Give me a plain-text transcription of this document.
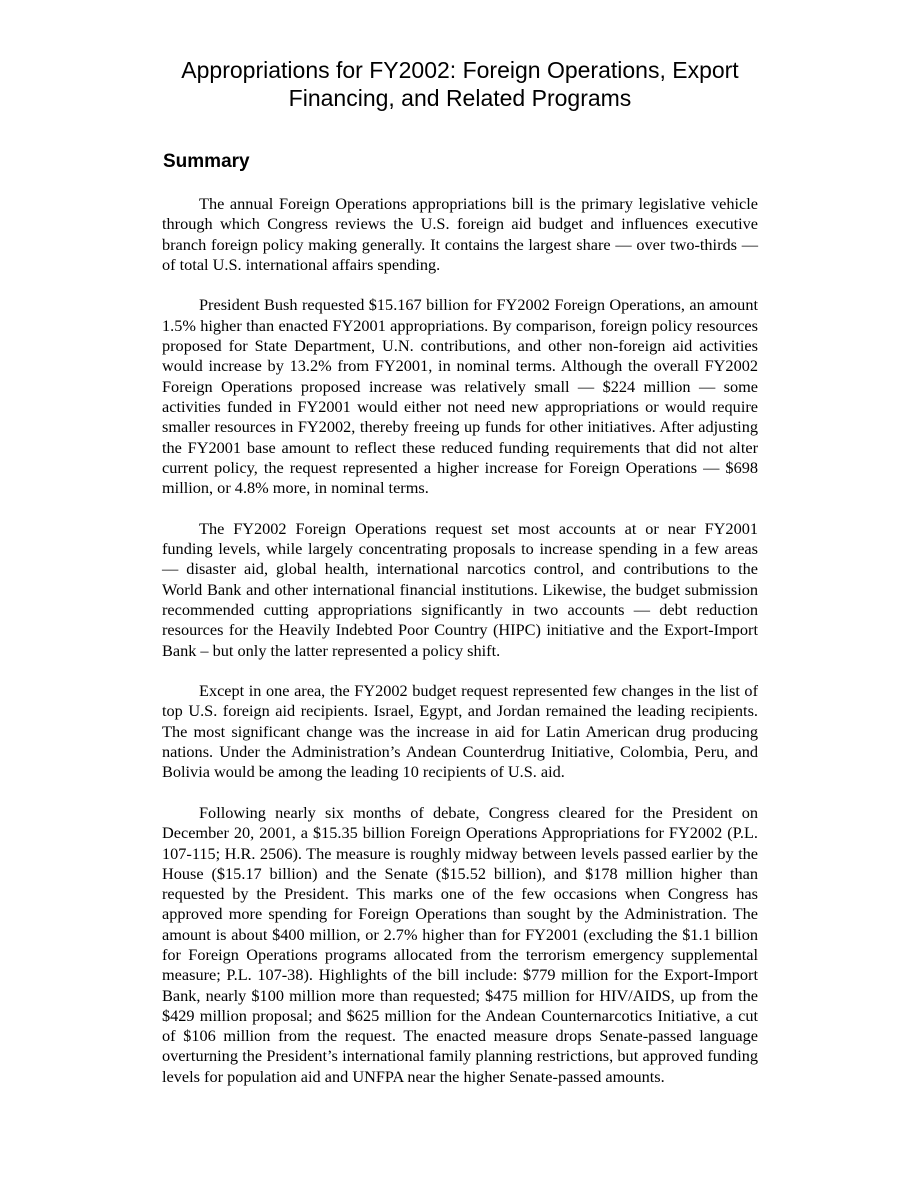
Appropriations for FY2002: Foreign Operations, Export
Financing, and Related Programs
Summary

The annual Foreign Operations appropriations bill is the primary legislative vehicle through which Congress reviews the U.S. foreign aid budget and influences executive branch foreign policy making generally. It contains the largest share — over two-thirds — of total U.S. international affairs spending.

President Bush requested $15.167 billion for FY2002 Foreign Operations, an amount 1.5% higher than enacted FY2001 appropriations. By comparison, foreign policy resources proposed for State Department, U.N. contributions, and other non-foreign aid activities would increase by 13.2% from FY2001, in nominal terms. Although the overall FY2002 Foreign Operations proposed increase was relatively small — $224 million — some activities funded in FY2001 would either not need new appropriations or would require smaller resources in FY2002, thereby freeing up funds for other initiatives. After adjusting the FY2001 base amount to reflect these reduced funding requirements that did not alter current policy, the request represented a higher increase for Foreign Operations — $698 million, or 4.8% more, in nominal terms.

The FY2002 Foreign Operations request set most accounts at or near FY2001 funding levels, while largely concentrating proposals to increase spending in a few areas — disaster aid, global health, international narcotics control, and contributions to the World Bank and other international financial institutions. Likewise, the budget submission recommended cutting appropriations significantly in two accounts — debt reduction resources for the Heavily Indebted Poor Country (HIPC) initiative and the Export-Import Bank – but only the latter represented a policy shift.

Except in one area, the FY2002 budget request represented few changes in the list of top U.S. foreign aid recipients. Israel, Egypt, and Jordan remained the leading recipients. The most significant change was the increase in aid for Latin American drug producing nations. Under the Administration’s Andean Counterdrug Initiative, Colombia, Peru, and Bolivia would be among the leading 10 recipients of U.S. aid.

Following nearly six months of debate, Congress cleared for the President on December 20, 2001, a $15.35 billion Foreign Operations Appropriations for FY2002 (P.L. 107-115; H.R. 2506). The measure is roughly midway between levels passed earlier by the House ($15.17 billion) and the Senate ($15.52 billion), and $178 million higher than requested by the President. This marks one of the few occasions when Congress has approved more spending for Foreign Operations than sought by the Administration. The amount is about $400 million, or 2.7% higher than for FY2001 (excluding the $1.1 billion for Foreign Operations programs allocated from the terrorism emergency supplemental measure; P.L. 107-38). Highlights of the bill include: $779 million for the Export-Import Bank, nearly $100 million more than requested; $475 million for HIV/AIDS, up from the $429 million proposal; and $625 million for the Andean Counternarcotics Initiative, a cut of $106 million from the request. The enacted measure drops Senate-passed language overturning the President’s international family planning restrictions, but approved funding levels for population aid and UNFPA near the higher Senate-passed amounts.
